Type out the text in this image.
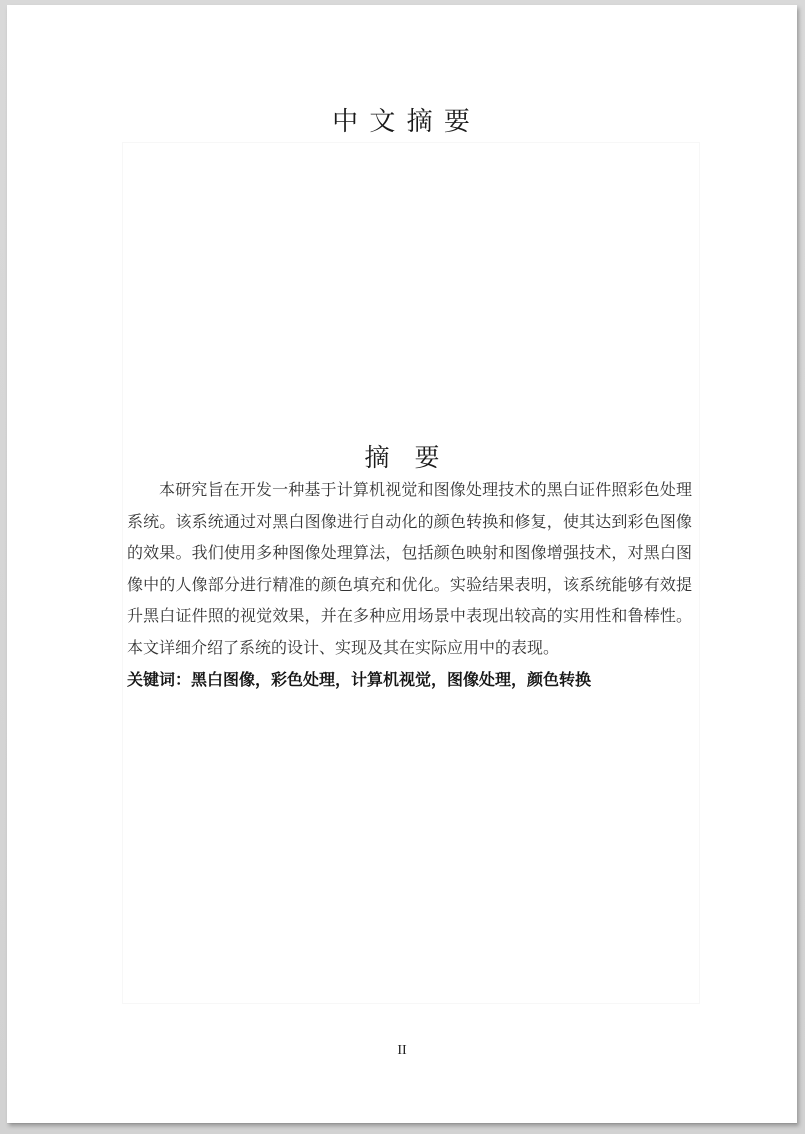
中 文 摘 要
摘　要

本研究旨在开发一种基于计算机视觉和图像处理技术的黑白证件照彩色处理系统。该系统通过对黑白图像进行自动化的颜色转换和修复，使其达到彩色图像的效果。我们使用多种图像处理算法，包括颜色映射和图像增强技术，对黑白图像中的人像部分进行精准的颜色填充和优化。实验结果表明，该系统能够有效提升黑白证件照的视觉效果，并在多种应用场景中表现出较高的实用性和鲁棒性。本文详细介绍了系统的设计、实现及其在实际应用中的表现。

关键词：黑白图像，彩色处理，计算机视觉，图像处理，颜色转换

II
